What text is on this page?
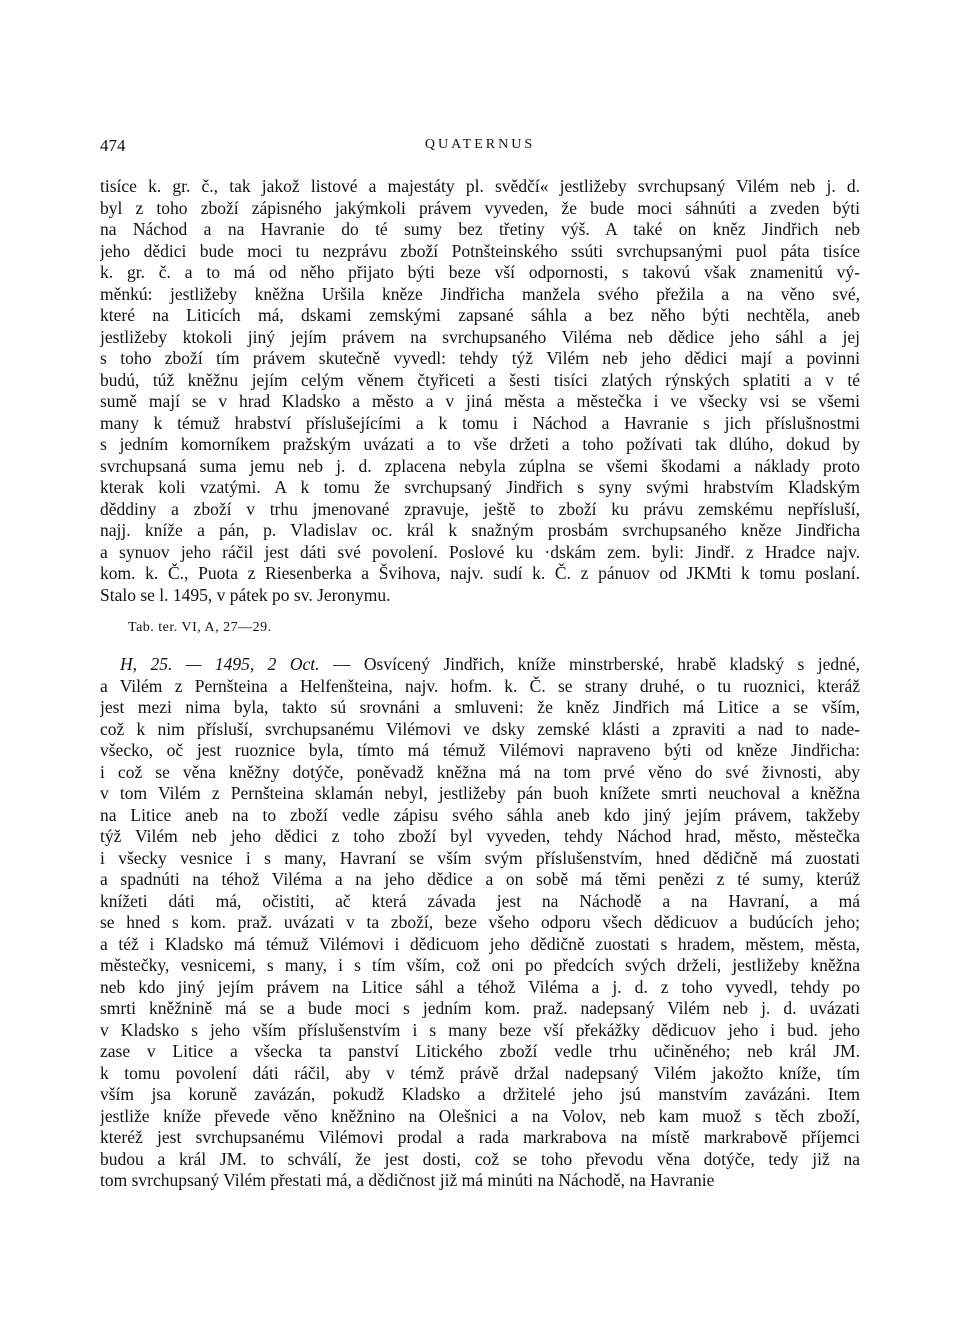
474	QUATERNUS
tisíce k. gr. č., tak jakož listové a majestáty pl. svědčí« jestližeby svrchupsaný Vilém neb j. d.
byl z toho zboží zápisného jakýmkoli právem vyveden, že bude moci sáhnúti a zveden býti
na Náchod a na Havranie do té sumy bez třetiny výš. A také on kněz Jindřich neb
jeho dědici bude moci tu nezprávu zboží Potnšteinského ssúti svrchupsanými puol páta tisíce
k. gr. č. a to má od něho přijato býti beze vší odpornosti, s takovú však znamenitú vý-
měnkú: jestližeby kněžna Uršila kněze Jindřicha manžela svého přežila a na věno své,
které na Liticích má, dskami zemskými zapsané sáhla a bez něho býti nechtěla, aneb
jestližeby ktokoli jiný jejím právem na svrchupsaného Viléma neb dědice jeho sáhl a jej
s toho zboží tím právem skutečně vyvedl: tehdy týž Vilém neb jeho dědici mají a povinni
budú, túž kněžnu jejím celým věnem čtyřiceti a šesti tisíci zlatých rýnských splatiti a v té
sumě mají se v hrad Kladsko a město a v jiná města a městečka i ve všecky vsi se všemi
many k témuž hrabství příslušejícími a k tomu i Náchod a Havranie s jich příslušnostmi
s jedním komorníkem pražským uvázati a to vše držeti a toho požívati tak dlúho, dokud by
svrchupsaná suma jemu neb j. d. zplacena nebyla zúplna se všemi škodami a náklady proto
kterak koli vzatými. A k tomu že svrchupsaný Jindřich s syny svými hrabstvím Kladským
děddiny a zboží v trhu jmenované zpravuje, ještě to zboží ku právu zemskému nepřísluší,
najj. kníže a pán, p. Vladislav oc. král k snažným prosbám svrchupsaného kněze Jindřicha
a synuov jeho ráčil jest dáti své povolení. Poslové ku ·dskám zem. byli: Jindř. z Hradce najv.
kom. k. Č., Puota z Riesenberka a Švihova, najv. sudí k. Č. z pánuov od JKMti k tomu poslaní.
Stalo se l. 1495, v pátek po sv. Jeronymu.
Tab. ter. VI, A, 27—29.
H, 25. — 1495, 2 Oct. — Osvícený Jindřich, kníže minstrberské, hrabě kladský s jedné,
a Vilém z Pernšteina a Helfenšteina, najv. hofm. k. Č. se strany druhé, o tu ruoznici, kteráž
jest mezi nima byla, takto sú srovnáni a smluveni: že kněz Jindřich má Litice a se vším,
což k nim přísluší, svrchupsanému Vilémovi ve dsky zemské klásti a zpraviti a nad to nade-
všecko, oč jest ruoznice byla, tímto má témuž Vilémovi napraveno býti od kněze Jindřicha:
i což se věna kněžny dotýče, poněvadž kněžna má na tom prvé věno do své živnosti, aby
v tom Vilém z Pernšteina sklamán nebyl, jestližeby pán buoh knížete smrti neuchoval a kněžna
na Litice aneb na to zboží vedle zápisu svého sáhla aneb kdo jiný jejím právem, takžeby
týž Vilém neb jeho dědici z toho zboží byl vyveden, tehdy Náchod hrad, město, městečka
i všecky vesnice i s many, Havraní se vším svým příslušenstvím, hned dědičně má zuostati
a spadnúti na téhož Viléma a na jeho dědice a on sobě má těmi penězi z té sumy, kterúž
knížeti dáti má, očistiti, ač která závada jest na Náchodě a na Havraní, a má
se hned s kom. praž. uvázati v ta zboží, beze všeho odporu všech dědicuov a budúcích jeho;
a též i Kladsko má témuž Vilémovi i dědicuom jeho dědičně zuostati s hradem, městem, města,
městečky, vesnicemi, s many, i s tím vším, což oni po předcích svých drželi, jestližeby kněžna
neb kdo jiný jejím právem na Litice sáhl a téhož Viléma a j. d. z toho vyvedl, tehdy po
smrti kněžnině má se a bude moci s jedním kom. praž. nadepsaný Vilém neb j. d. uvázati
v Kladsko s jeho vším příslušenstvím i s many beze vší překážky dědicuov jeho i bud. jeho
zase v Litice a všecka ta panství Litického zboží vedle trhu učiněného; neb král JM.
k tomu povolení dáti ráčil, aby v témž právě držal nadepsaný Vilém jakožto kníže, tím
vším jsa koruně zavázán, pokudž Kladsko a držitelé jeho jsú manstvím zavázáni. Item
jestliže kníže převede věno kněžnino na Olešnici a na Volov, neb kam muož s těch zboží,
kteréž jest svrchupsanému Vilémovi prodal a rada markrabova na místě markrabově příjemci
budou a král JM. to schválí, že jest dosti, což se toho převodu věna dotýče, tedy již na
tom svrchupsaný Vilém přestati má, a dědičnost již má minúti na Náchodě, na Havranie
